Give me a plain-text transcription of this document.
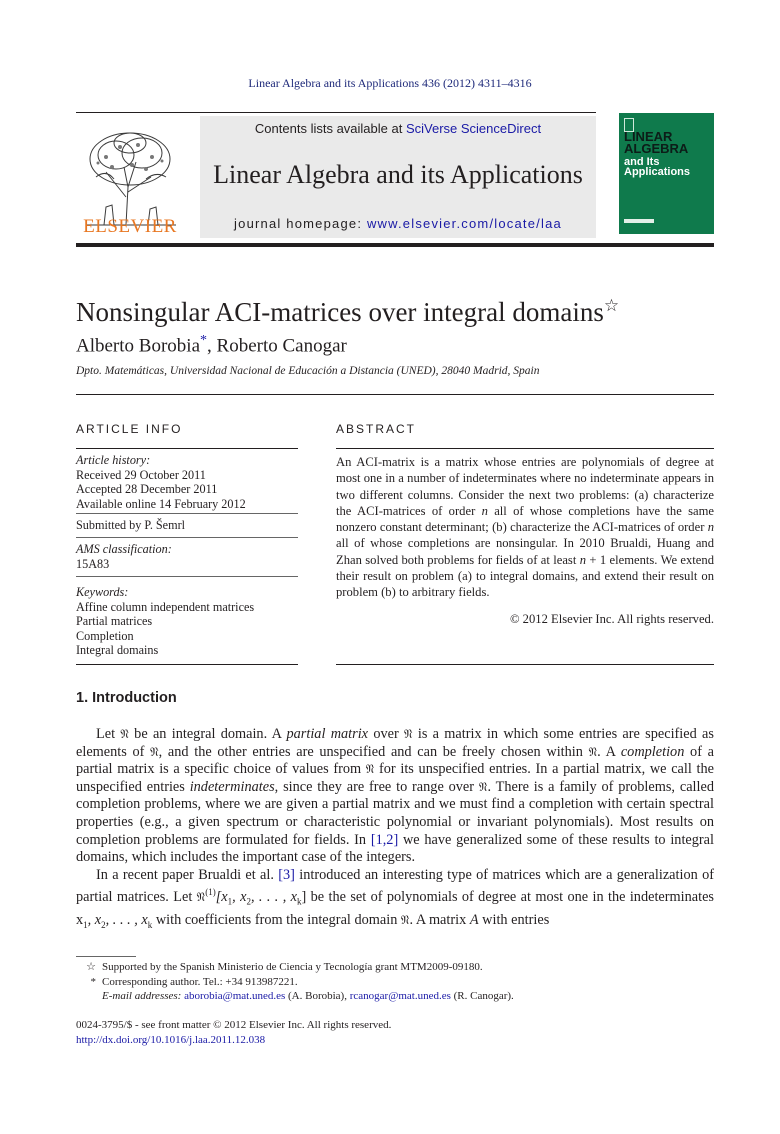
Linear Algebra and its Applications 436 (2012) 4311–4316
ELSEVIER
Contents lists available at SciVerse ScienceDirect
Linear Algebra and its Applications
journal homepage: www.elsevier.com/locate/laa
LINEAR
ALGEBRA
and Its
Applications
Nonsingular ACI-matrices over integral domains☆
Alberto Borobia*, Roberto Canogar
Dpto. Matemáticas, Universidad Nacional de Educación a Distancia (UNED), 28040 Madrid, Spain
ARTICLE INFO
Article history:
Received 29 October 2011
Accepted 28 December 2011
Available online 14 February 2012
Submitted by P. Šemrl
AMS classification:
15A83
Keywords:
Affine column independent matrices
Partial matrices
Completion
Integral domains
ABSTRACT
An ACI-matrix is a matrix whose entries are polynomials of degree at most one in a number of indeterminates where no indeterminate appears in two different columns. Consider the next two problems: (a) characterize the ACI-matrices of order n all of whose completions have the same nonzero constant determinant; (b) characterize the ACI-matrices of order n all of whose completions are nonsingular. In 2010 Brualdi, Huang and Zhan solved both problems for fields of at least n + 1 elements. We extend their result on problem (a) to integral domains, and extend their result on problem (b) to arbitrary fields.
© 2012 Elsevier Inc. All rights reserved.
1. Introduction

Let 𝔑 be an integral domain. A partial matrix over 𝔑 is a matrix in which some entries are specified as elements of 𝔑, and the other entries are unspecified and can be freely chosen within 𝔑. A completion of a partial matrix is a specific choice of values from 𝔑 for its unspecified entries. In a partial matrix, we call the unspecified entries indeterminates, since they are free to range over 𝔑. There is a family of problems, called completion problems, where we are given a partial matrix and we must find a completion with certain spectral properties (e.g., a given spectrum or characteristic polynomial or invariant polynomials). Most results on completion problems are formulated for fields. In [1,2] we have generalized some of these results to integral domains, which includes the important case of the integers.

In a recent paper Brualdi et al. [3] introduced an interesting type of matrices which are a generalization of partial matrices. Let $𝔑^{(1)}[x_1$, $x_2$, . . . , $x_k$] be the set of polynomials of degree at most one in the indeterminates $x_1$, $x_2$, . . . , $x_k$ with coefficients from the integral domain 𝔑. A matrix A with entries

☆ Supported by the Spanish Ministerio de Ciencia y Tecnología grant MTM2009-09180.
* Corresponding author. Tel.: +34 913987221.
E-mail addresses: aborobia@mat.uned.es (A. Borobia), rcanogar@mat.uned.es (R. Canogar).
0024-3795/$ - see front matter © 2012 Elsevier Inc. All rights reserved.
http://dx.doi.org/10.1016/j.laa.2011.12.038
